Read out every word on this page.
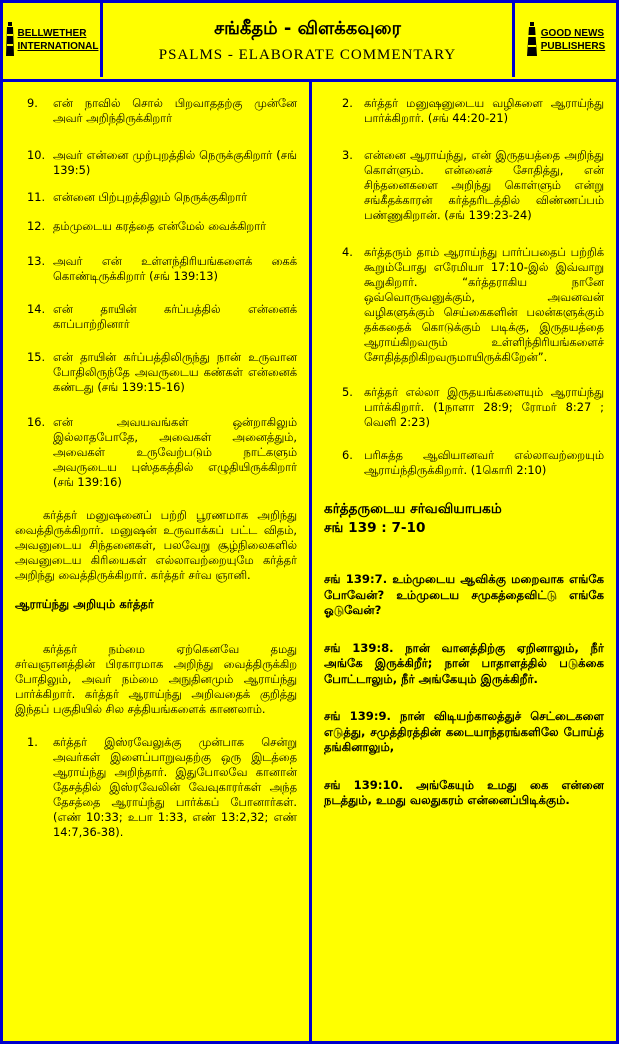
BELLWETHER
INTERNATIONAL
சங்கீதம் - விளக்கவுரை
PSALMS - ELABORATE COMMENTARY
GOOD NEWS
PUBLISHERS
9.	என் நாவில் சொல் பிறவாததற்கு முன்னே அவர் அறிந்திருக்கிறார்

10. அவர் என்னை முற்புறத்தில் நெருக்குகிறார் (சங் 139:5)

11. என்னை பிற்புறத்திலும் நெருக்குகிறார்

12. தம்முடைய கரத்தை என்மேல் வைக்கிறார்

13. அவர் என் உள்ளந்திரியங்களைக் கைக் கொண்டிருக்கிறார் (சங் 139:13)

14. என் தாயின் கர்ப்பத்தில் என்னைக் காப்பாற்றினார்

15. என் தாயின் கர்ப்பத்திலிருந்து நான் உருவான போதிலிருந்தே அவருடைய கண்கள் என்னைக் கண்டது (சங் 139:15-16)

16. என் அவயவங்கள் ஒன்றாகிலும் இல்லாதபோதே, அவைகள் அனைத்தும், அவைகள் உருவேற்படும் நாட்களும் அவருடைய புஸ்தகத்தில் எழுதியிருக்கிறார் (சங் 139:16)

கர்த்தர் மனுஷனைப் பற்றி பூரணமாக அறிந்து வைத்திருக்கிறார். மனுஷன் உருவாக்கப் பட்ட விதம், அவனுடைய சிந்தனைகள், பலவேறு சூழ்நிலைகளில் அவனுடைய கிரியைகள் எல்லாவற்றையுமே கர்த்தர் அறிந்து வைத்திருக்கிறார். கர்த்தர் சர்வ ஞானி.

ஆராய்ந்து அறியும் கர்த்தர்

கர்த்தர் நம்மை ஏற்கெனவே தமது சர்வஞானத்தின் பிரகாரமாக அறிந்து வைத்திருக்கிற போதிலும், அவர் நம்மை அநுதினமும் ஆராய்ந்து பார்க்கிறார். கர்த்தர் ஆராய்ந்து அறிவதைக் குறித்து இந்தப் பகுதியில் சில சத்தியங்களைக் காணலாம்.

1.	கர்த்தர் இஸ்ரவேலுக்கு முன்பாக சென்று அவர்கள் இளைப்பாறுவதற்கு ஒரு இடத்தை ஆராய்ந்து அறிந்தார். இதுபோலவே கானான் தேசத்தில் இஸ்ரவேலின் வேவுகாரர்கள் அந்த தேசத்தை ஆராய்ந்து பார்க்கப் போனார்கள். (எண் 10:33; உபா 1:33, எண் 13:2,32; எண் 14:7,36-38).

2. கர்த்தர் மனுஷனுடைய வழிகளை ஆராய்ந்து பார்க்கிறார். (சங் 44:20-21)

3. என்னை ஆராய்ந்து, என் இருதயத்தை அறிந்து கொள்ளும். என்னைச் சோதித்து, என் சிந்தனைகளை அறிந்து கொள்ளும் என்று சங்கீதக்காரன் கர்த்தரிடத்தில் விண்ணப்பம் பண்ணுகிறான். (சங் 139:23-24)

4. கர்த்தரும் தாம் ஆராய்ந்து பார்ப்பதைப் பற்றிக் கூறும்போது எரேமியா 17:10-இல் இவ்வாறு கூறுகிறார். “கர்த்தராகிய நானே ஒவ்வொருவனுக்கும், அவனவன் வழிகளுக்கும் செய்கைகளின் பலன்களுக்கும் தக்கதைக் கொடுக்கும் படிக்கு, இருதயத்தை ஆராய்கிறவரும் உள்ளிந்திரியங்களைச் சோதித்தறிகிறவருமாயிருக்கிறேன்”.

5. கர்த்தர் எல்லா இருதயங்களையும் ஆராய்ந்து பார்க்கிறார். (1நாளா 28:9; ரோமர் 8:27 ; வெளி 2:23)

6. பரிசுத்த ஆவியானவர் எல்லாவற்றையும் ஆராய்ந்திருக்கிறார். (1கொரி 2:10)

கர்த்தருடைய சர்வவியாபகம்

சங் 139 : 7-10

சங் 139:7. உம்முடைய ஆவிக்கு மறைவாக எங்கே போவேன்? உம்முடைய சமுகத்தைவிட்டு எங்கே ஓடுவேன்?

சங் 139:8. நான் வானத்திற்கு ஏறினாலும், நீர் அங்கே இருக்கிறீர்; நான் பாதாளத்தில் படுக்கை போட்டாலும், நீர் அங்கேயும் இருக்கிறீர்.

சங் 139:9. நான் விடியற்காலத்துச் செட்டைகளை எடுத்து, சமுத்திரத்தின் கடையாந்தரங்களிலே போய்த் தங்கினாலும்,

சங் 139:10. அங்கேயும் உமது கை என்னை நடத்தும், உமது வலதுகரம் என்னைப்பிடிக்கும்.
